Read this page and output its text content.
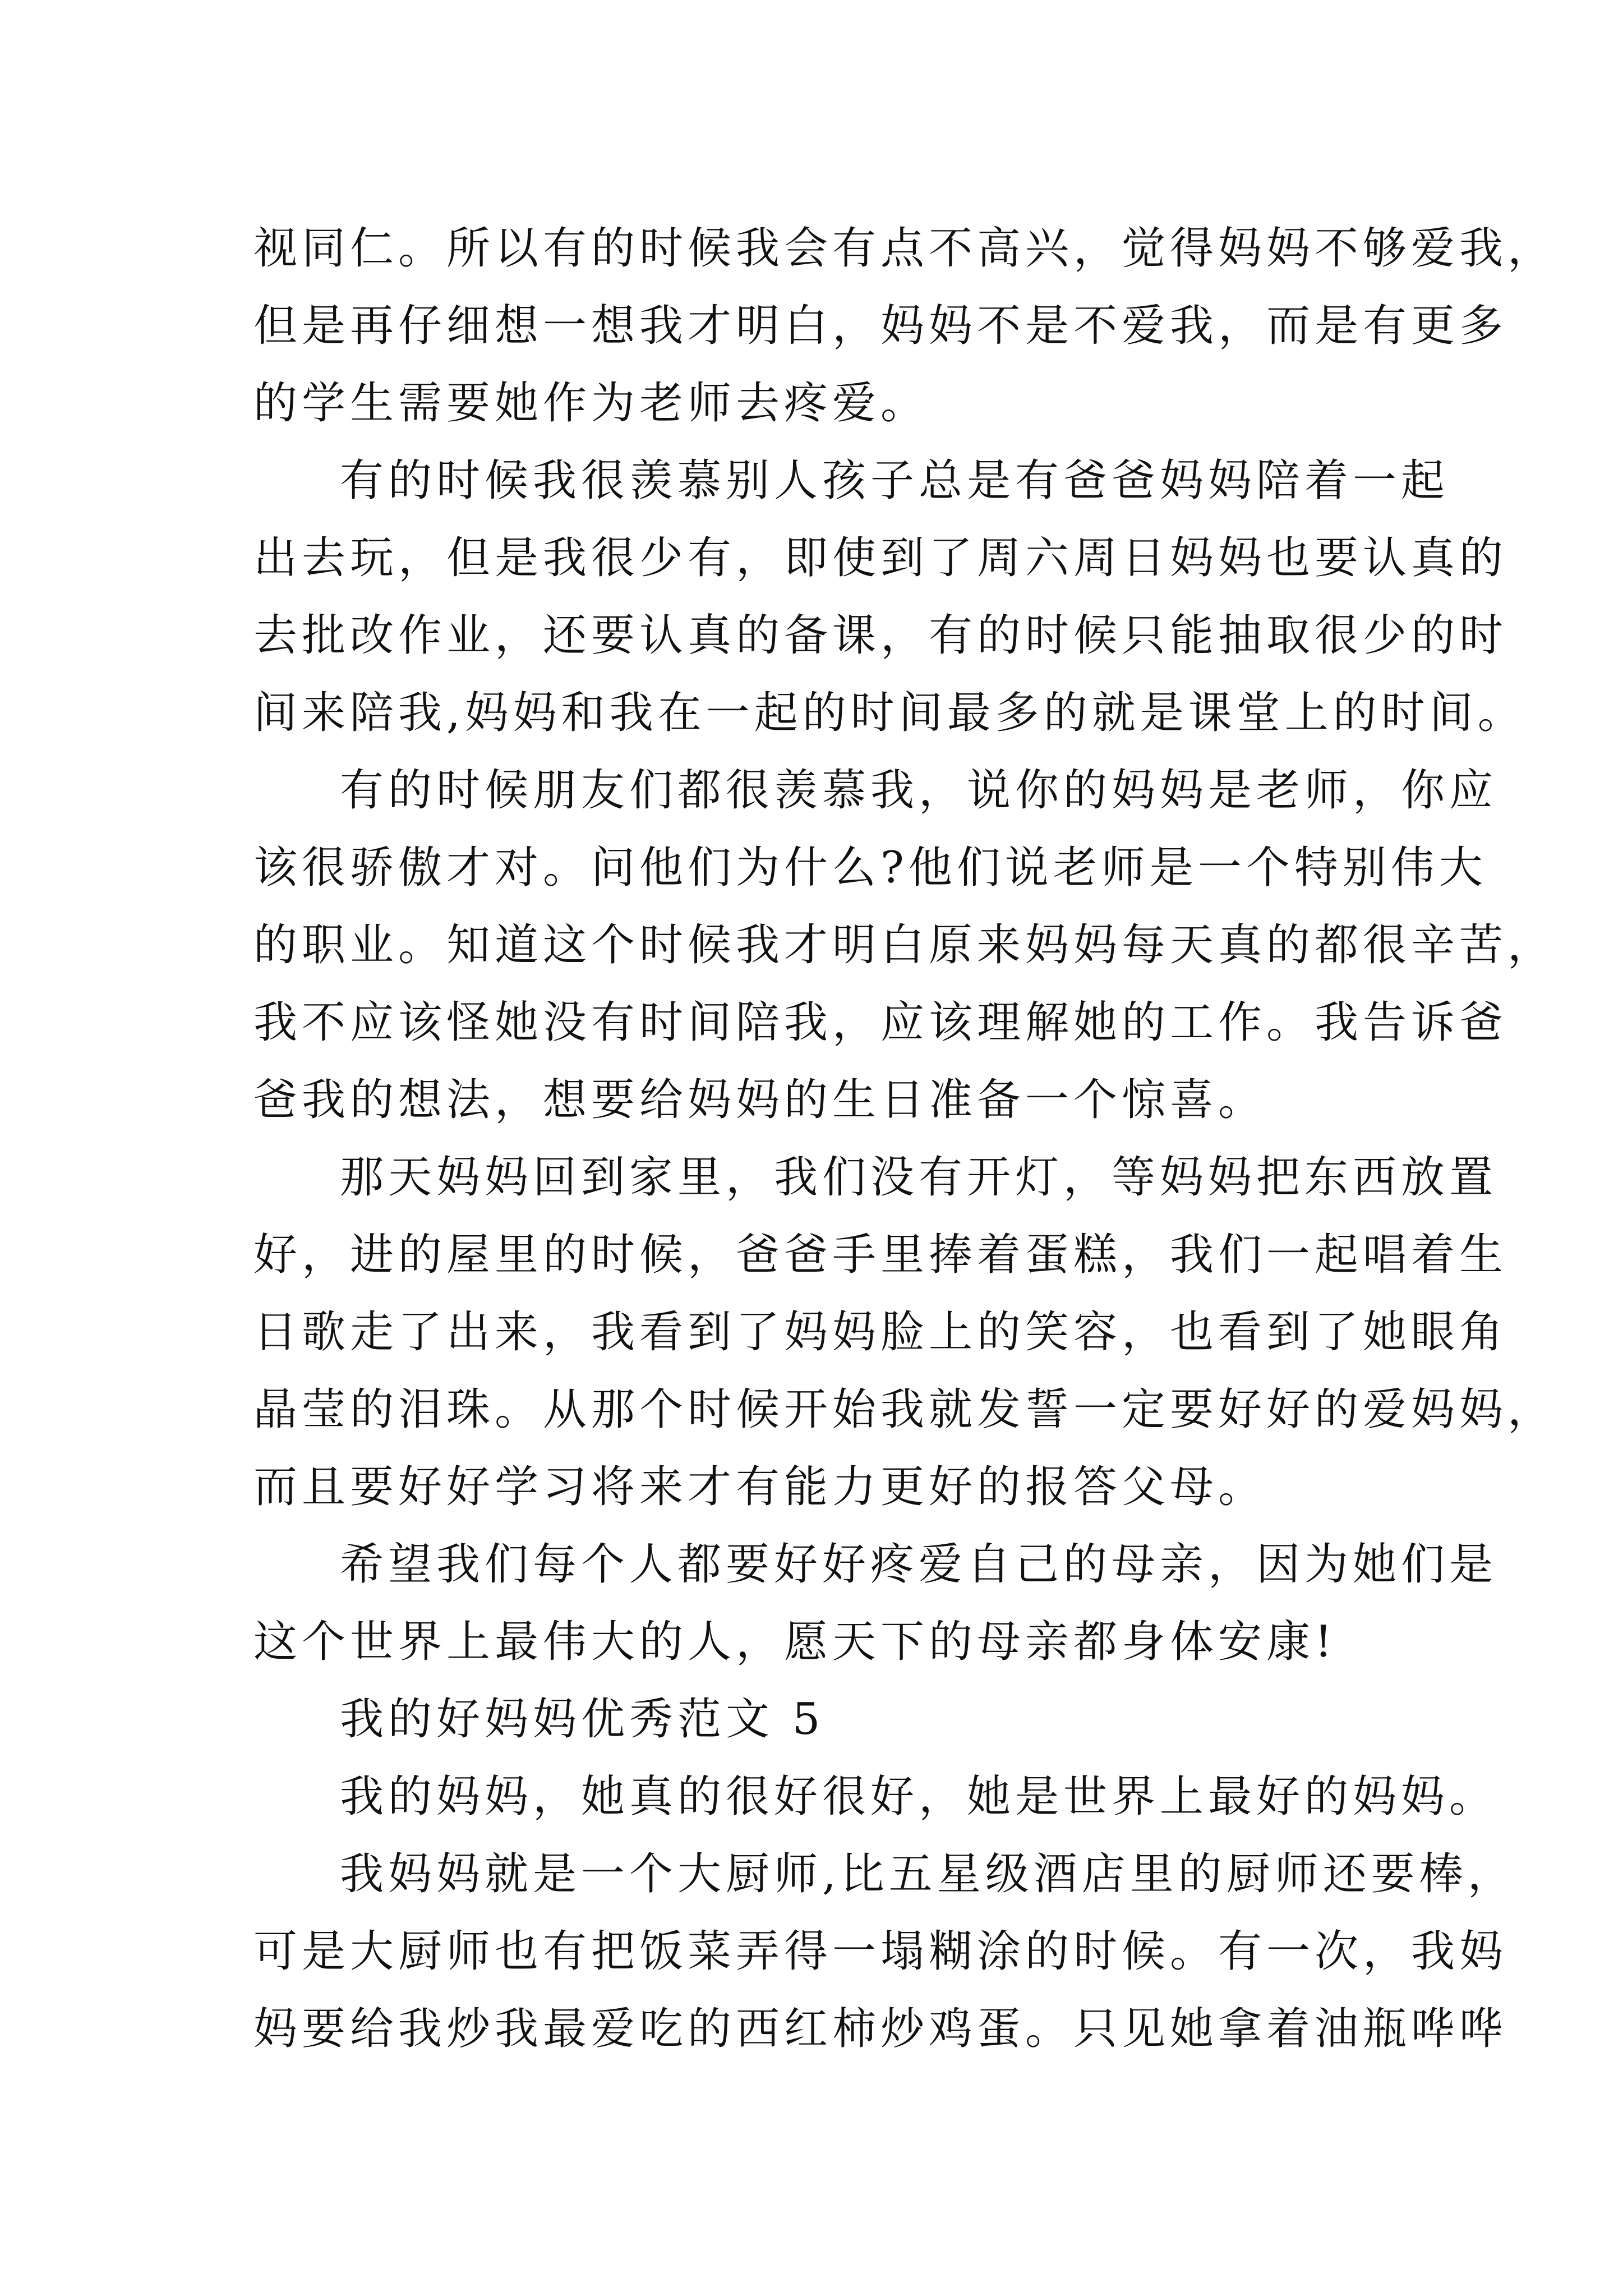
视同仁。所以有的时候我会有点不高兴，觉得妈妈不够爱我，
但是再仔细想一想我才明白，妈妈不是不爱我，而是有更多
的学生需要她作为老师去疼爱。
有的时候我很羡慕别人孩子总是有爸爸妈妈陪着一起
出去玩，但是我很少有，即使到了周六周日妈妈也要认真的
去批改作业，还要认真的备课，有的时候只能抽取很少的时
间来陪我,妈妈和我在一起的时间最多的就是课堂上的时间。
有的时候朋友们都很羡慕我，说你的妈妈是老师，你应
该很骄傲才对。问他们为什么?他们说老师是一个特别伟大
的职业。知道这个时候我才明白原来妈妈每天真的都很辛苦，
我不应该怪她没有时间陪我，应该理解她的工作。我告诉爸
爸我的想法，想要给妈妈的生日准备一个惊喜。
那天妈妈回到家里，我们没有开灯，等妈妈把东西放置
好，进的屋里的时候，爸爸手里捧着蛋糕，我们一起唱着生
日歌走了出来，我看到了妈妈脸上的笑容，也看到了她眼角
晶莹的泪珠。从那个时候开始我就发誓一定要好好的爱妈妈，
而且要好好学习将来才有能力更好的报答父母。
希望我们每个人都要好好疼爱自己的母亲，因为她们是
这个世界上最伟大的人，愿天下的母亲都身体安康!
我的好妈妈优秀范文 5
我的妈妈，她真的很好很好，她是世界上最好的妈妈。
我妈妈就是一个大厨师,比五星级酒店里的厨师还要棒，
可是大厨师也有把饭菜弄得一塌糊涂的时候。有一次，我妈
妈要给我炒我最爱吃的西红柿炒鸡蛋。只见她拿着油瓶哗哗
